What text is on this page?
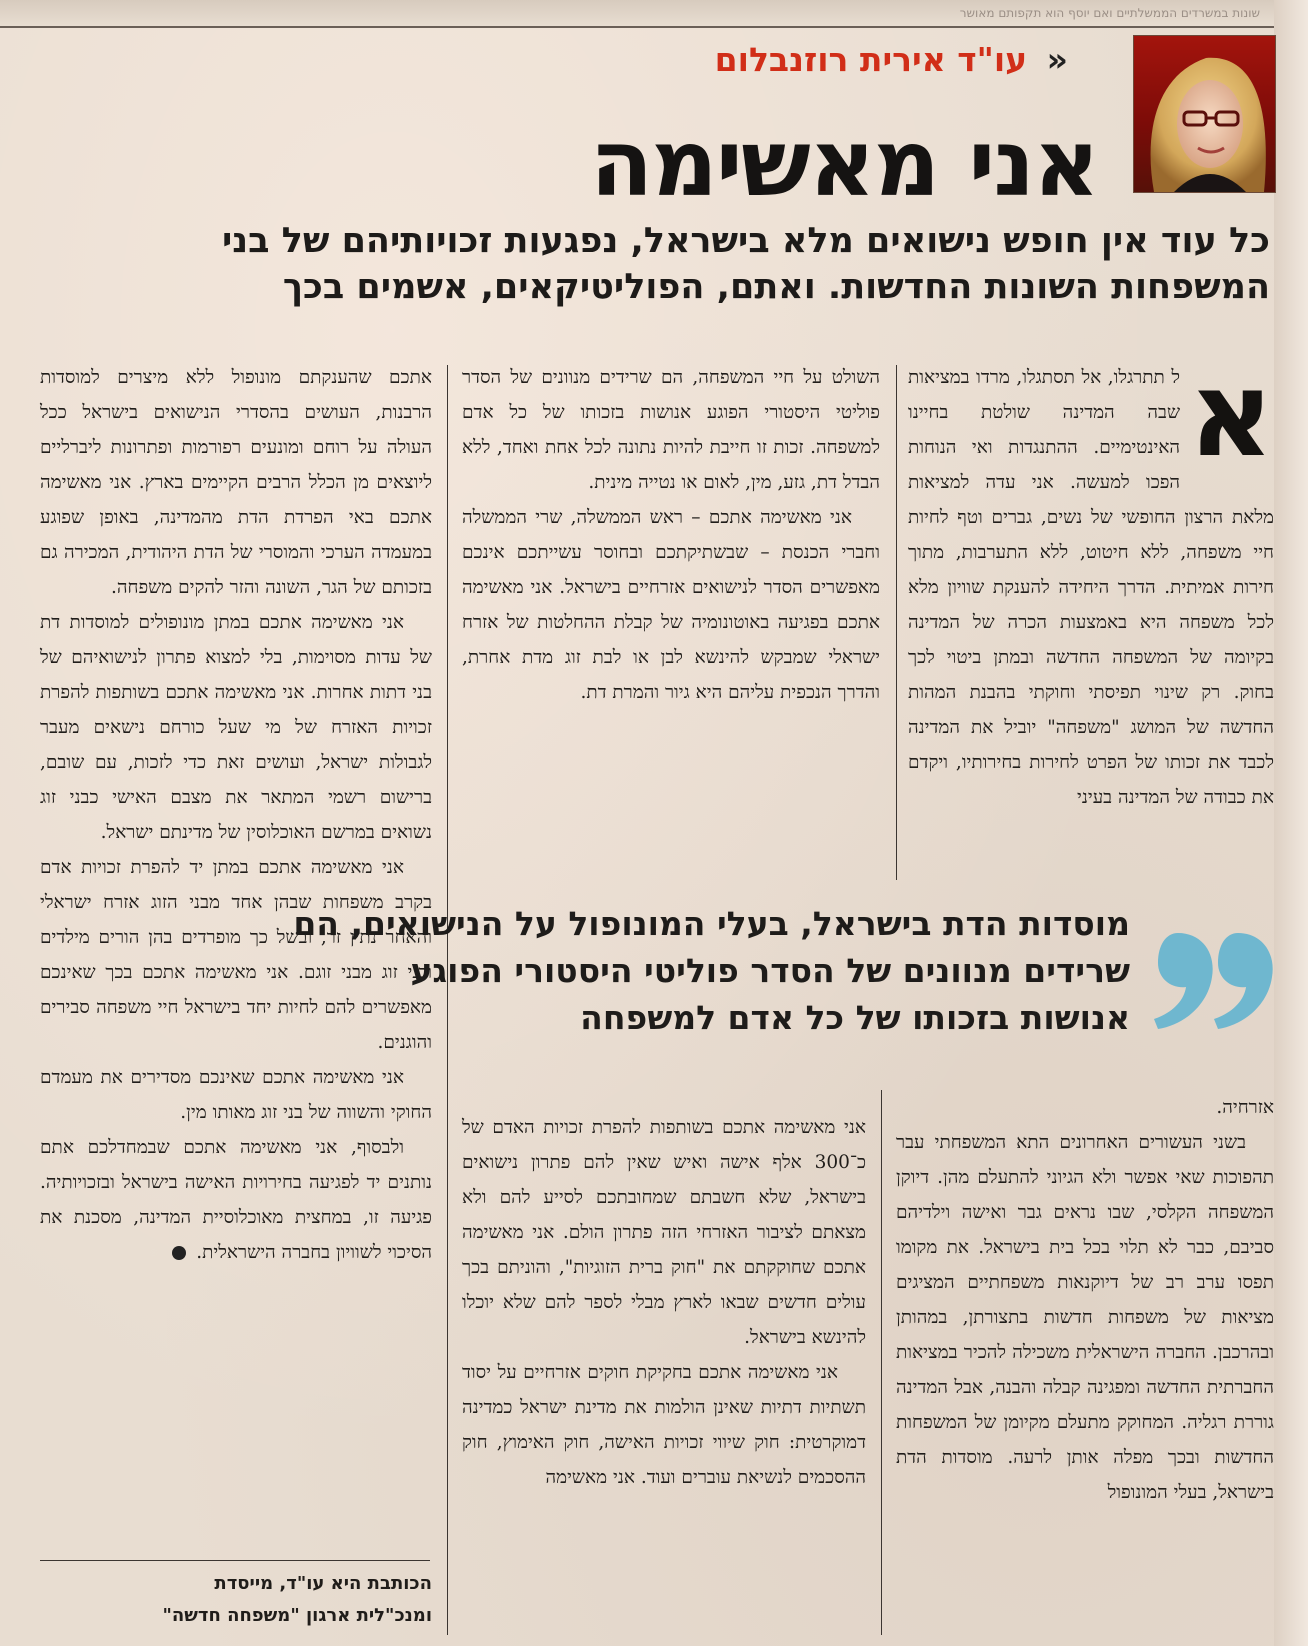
שונות במשרדים הממשלתיים ואם יוסף הוא תקפותם מאושר
« עו"ד אירית רוזנבלום
אני מאשימה
כל עוד אין חופש נישואים מלא בישראל, נפגעות זכויותיהם של בני
המשפחות השונות החדשות. ואתם, הפוליטיקאים, אשמים בכך
א

ל תתרגלו, אל תסתגלו, מרדו במציאות שבה המדינה שולטת בחיינו האינטימיים. ההתנגדות ואי הנוחות הפכו למעשה. אני עדה למציאות מלאת הרצון החופשי של נשים, גברים וטף לחיות חיי משפחה, ללא חיטוט, ללא התערבות, מתוך חירות אמיתית. הדרך היחידה להענקת שוויון מלא לכל משפחה היא באמצעות הכרה של המדינה בקיומה של המשפחה החדשה ובמתן ביטוי לכך בחוק. רק שינוי תפיסתי וחוקתי בהבנת המהות החדשה של המושג "משפחה" יוביל את המדינה לכבד את זכותו של הפרט לחירות בחירותיו, ויקדם את כבודה של המדינה בעיני

השולט על חיי המשפחה, הם שרידים מנוונים של הסדר פוליטי היסטורי הפוגע אנושות בזכותו של כל אדם למשפחה. זכות זו חייבת להיות נתונה לכל אחת ואחד, ללא הבדל דת, גזע, מין, לאום או נטייה מינית.

אני מאשימה אתכם – ראש הממשלה, שרי הממשלה וחברי הכנסת – שבשתיקתכם ובחוסר עשייתכם אינכם מאפשרים הסדר לנישואים אזרחיים בישראל. אני מאשימה אתכם בפגיעה באוטונומיה של קבלת ההחלטות של אזרח ישראלי שמבקש להינשא לבן או לבת זוג מדת אחרת, והדרך הנכפית עליהם היא גיור והמרת דת.

אתכם שהענקתם מונופול ללא מיצרים למוסדות הרבנות, העושים בהסדרי הנישואים בישראל ככל העולה על רוחם ומונעים רפורמות ופתרונות ליברליים ליוצאים מן הכלל הרבים הקיימים בארץ. אני מאשימה אתכם באי הפרדת הדת מהמדינה, באופן שפוגע במעמדה הערכי והמוסרי של הדת היהודית, המכירה גם בזכותם של הגר, השונה והזר להקים משפחה.

אני מאשימה אתכם במתן מונופולים למוסדות דת של עדות מסוימות, בלי למצוא פתרון לנישואיהם של בני דתות אחרות. אני מאשימה אתכם בשותפות להפרת זכויות האזרח של מי שעל כורחם נישאים מעבר לגבולות ישראל, ועושים זאת כדי לזכות, עם שובם, ברישום רשמי המתאר את מצבם האישי כבני זוג נשואים במרשם האוכלוסין של מדינתם ישראל.

אני מאשימה אתכם במתן יד להפרת זכויות אדם בקרב משפחות שבהן אחד מבני הזוג אזרח ישראלי והאחר נתין זר, ובשל כך מופרדים בהן הורים מילדים ובני זוג מבני זוגם. אני מאשימה אתכם בכך שאינכם מאפשרים להם לחיות יחד בישראל חיי משפחה סבירים והוגנים.

אני מאשימה אתכם שאינכם מסדירים את מעמדם החוקי והשווה של בני זוג מאותו מין.

ולבסוף, אני מאשימה אתכם שבמחדלכם אתם נותנים יד לפגיעה בחירויות האישה בישראל ובזכויותיה. פגיעה זו, במחצית מאוכלוסיית המדינה, מסכנת את הסיכוי לשוויון בחברה הישראלית. ⊗

הכותבת היא עו"ד, מייסדת
ומנכ"לית ארגון "משפחה חדשה"
מוסדות הדת בישראל, בעלי המונופול על הנישואים, הם שרידים מנוונים של הסדר פוליטי היסטורי הפוגע אנושות בזכותו של כל אדם למשפחה

אזרחיה.

בשני העשורים האחרונים התא המשפחתי עבר תהפוכות שאי אפשר ולא הגיוני להתעלם מהן. דיוקן המשפחה הקלסי, שבו נראים גבר ואישה וילדיהם סביבם, כבר לא תלוי בכל בית בישראל. את מקומו תפסו ערב רב של דיוקנאות משפחתיים המציגים מציאות של משפחות חדשות בתצורתן, במהותן ובהרכבן. החברה הישראלית משכילה להכיר במציאות החברתית החדשה ומפגינה קבלה והבנה, אבל המדינה גוררת רגליה. המחוקק מתעלם מקיומן של המשפחות החדשות ובכך מפלה אותן לרעה. מוסדות הדת בישראל, בעלי המונופול

אני מאשימה אתכם בשותפות להפרת זכויות האדם של כ־300 אלף אישה ואיש שאין להם פתרון נישואים בישראל, שלא חשבתם שמחובתכם לסייע להם ולא מצאתם לציבור האזרחי הזה פתרון הולם. אני מאשימה אתכם שחוקקתם את "חוק ברית הזוגיות", והוניתם בכך עולים חדשים שבאו לארץ מבלי לספר להם שלא יוכלו להינשא בישראל.

אני מאשימה אתכם בחקיקת חוקים אזרחיים על יסוד תשתיות דתיות שאינן הולמות את מדינת ישראל כמדינה דמוקרטית: חוק שיווי זכויות האישה, חוק האימוץ, חוק ההסכמים לנשיאת עוברים ועוד. אני מאשימה
